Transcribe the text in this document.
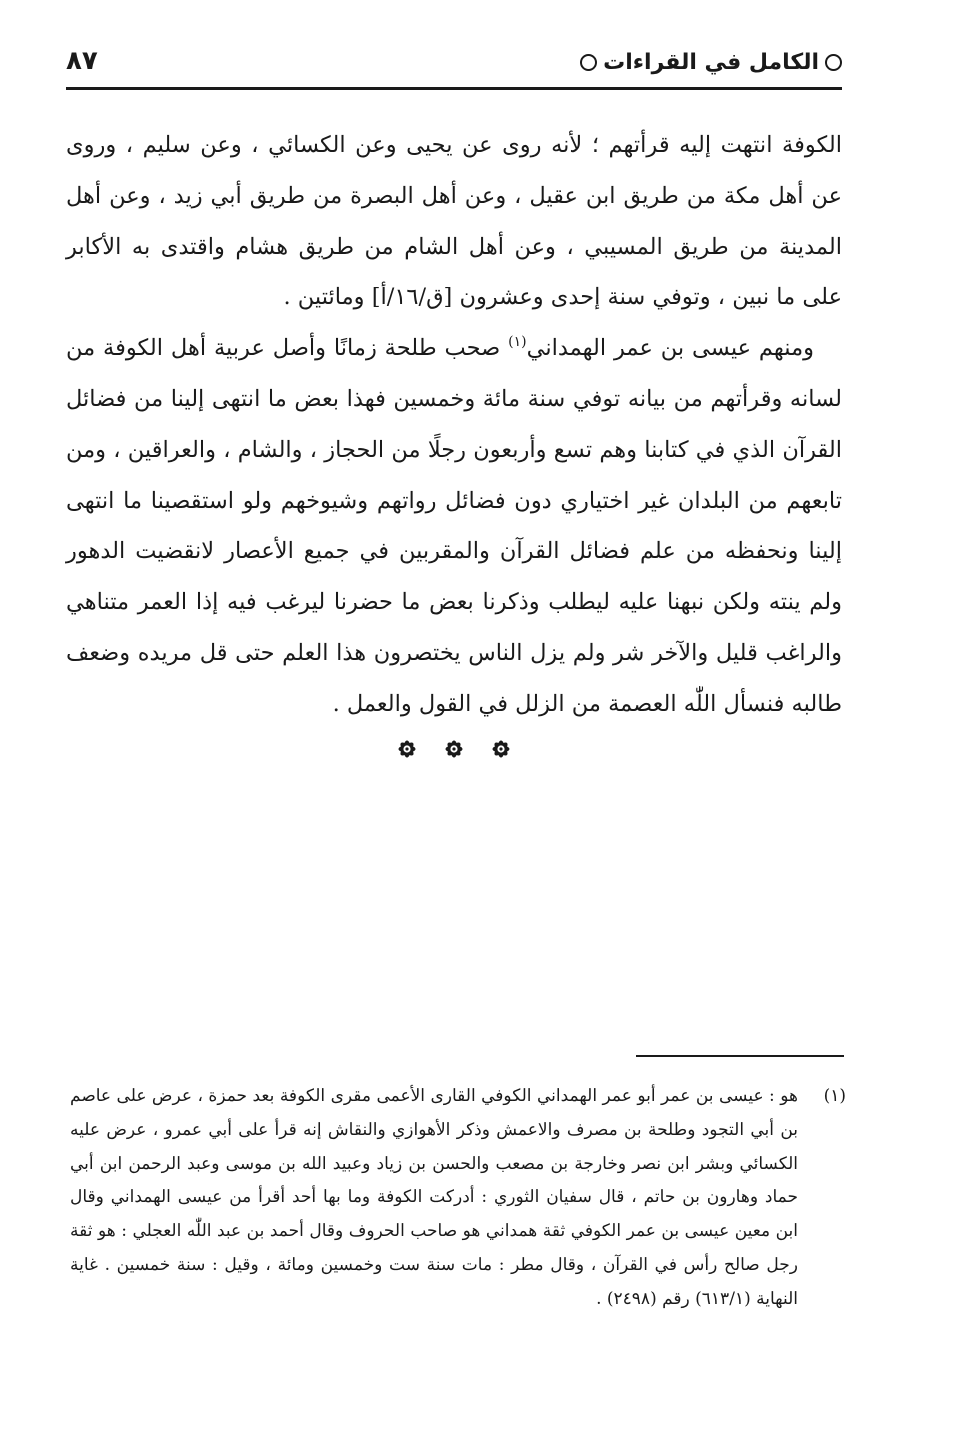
الكامل في القراءات
٨٧

الكوفة انتهت إليه قرأتهم ؛ لأنه روى عن يحيى وعن الكسائي ، وعن سليم ، وروى عن أهل مكة من طريق ابن عقيل ، وعن أهل البصرة من طريق أبي زيد ، وعن أهل المدينة من طريق المسيبي ، وعن أهل الشام من طريق هشام واقتدى به الأكابر على ما نبين ، وتوفي سنة إحدى وعشرون [ق/١٦/أ] ومائتين .

ومنهم عيسى بن عمر الهمداني$^{(١)}$ صحب طلحة زمانًا وأصل عربية أهل الكوفة من لسانه وقرأتهم من بيانه توفي سنة مائة وخمسين فهذا بعض ما انتهى إلينا من فضائل القرآن الذي في كتابنا وهم تسع وأربعون رجلًا من الحجاز ، والشام ، والعراقين ، ومن تابعهم من البلدان غير اختياري دون فضائل رواتهم وشيوخهم ولو استقصينا ما انتهى إلينا ونحفظه من علم فضائل القرآن والمقربين في جميع الأعصار لانقضيت الدهور ولم ينته ولكن نبهنا عليه ليطلب وذكرنا بعض ما حضرنا ليرغب فيه إذا العمر متناهي والراغب قليل والآخر شر ولم يزل الناس يختصرون هذا العلم حتى قل مريده وضعف طالبه فنسأل اللّٰه العصمة من الزلل في القول والعمل .

(١)
هو : عيسى بن عمر أبو عمر الهمداني الكوفي القارى الأعمى مقرى الكوفة بعد حمزة ، عرض على عاصم بن أبي التجود وطلحة بن مصرف والاعمش وذكر الأهوازي والنقاش إنه قرأ على أبي عمرو ، عرض عليه الكسائي وبشر ابن نصر وخارجة بن مصعب والحسن بن زياد وعبيد الله بن موسى وعبد الرحمن ابن أبي حماد وهارون بن حاتم ، قال سفيان الثوري : أدركت الكوفة وما بها أحد أقرأ من عيسى الهمداني وقال ابن معين عيسى بن عمر الكوفي ثقة همداني هو صاحب الحروف وقال أحمد بن عبد اللّٰه العجلي : هو ثقة رجل صالح رأس في القرآن ، وقال مطر : مات سنة ست وخمسين ومائة ، وقيل : سنة خمسين . غاية النهاية (٦١٣/١) رقم (٢٤٩٨) .
